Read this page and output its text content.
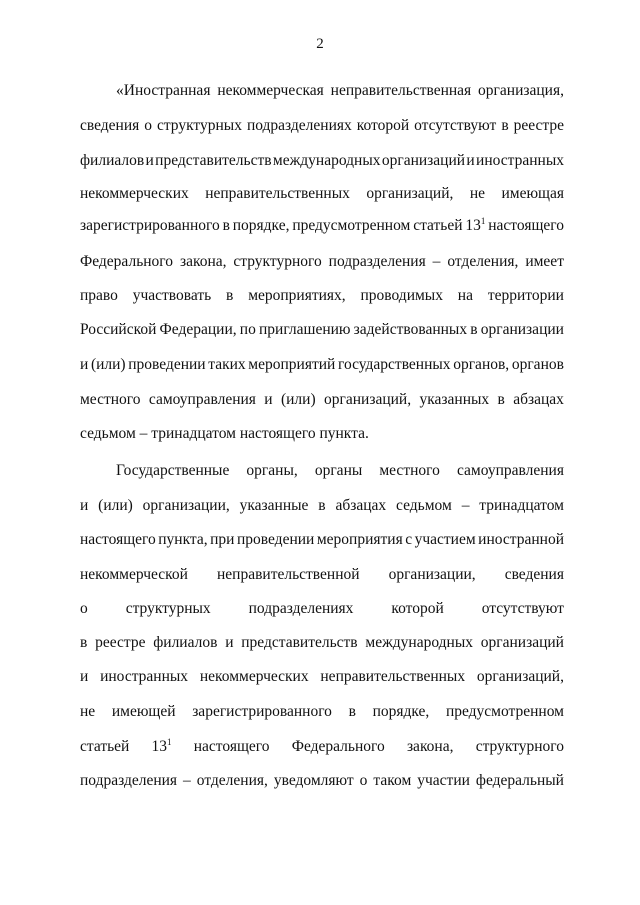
2
«Иностранная некоммерческая неправительственная организация,
сведения о структурных подразделениях которой отсутствуют в реестре
филиалов и представительств международных организаций и иностранных
некоммерческих неправительственных организаций, не имеющая
зарегистрированного в порядке, предусмотренном статьей $13^1$ настоящего
Федерального закона, структурного подразделения – отделения, имеет
право участвовать в мероприятиях, проводимых на территории
Российской Федерации, по приглашению задействованных в организации
и (или) проведении таких мероприятий государственных органов, органов
местного самоуправления и (или) организаций, указанных в абзацах
седьмом – тринадцатом настоящего пункта.
Государственные органы, органы местного самоуправления
и (или) организации, указанные в абзацах седьмом – тринадцатом
настоящего пункта, при проведении мероприятия с участием иностранной
некоммерческой неправительственной организации, сведения
о структурных подразделениях которой отсутствуют
в реестре филиалов и представительств международных организаций
и иностранных некоммерческих неправительственных организаций,
не имеющей зарегистрированного в порядке, предусмотренном
статьей $13^1$ настоящего Федерального закона, структурного
подразделения – отделения, уведомляют о таком участии федеральный
